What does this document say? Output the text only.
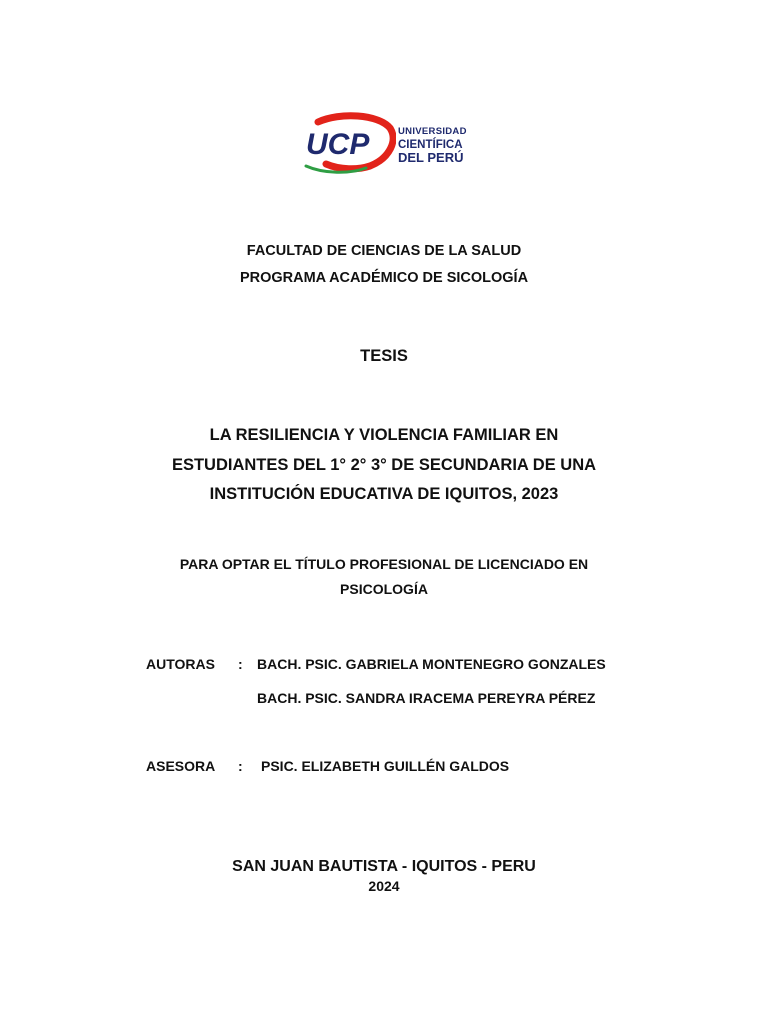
UCP	UNIVERSIDAD
CIENTÍFICA
DEL PERÚ
FACULTAD DE CIENCIAS DE LA SALUD
PROGRAMA ACADÉMICO DE SICOLOGÍA
TESIS
LA RESILIENCIA Y VIOLENCIA FAMILIAR EN
ESTUDIANTES DEL 1° 2° 3° DE SECUNDARIA DE UNA
INSTITUCIÓN EDUCATIVA DE IQUITOS, 2023
PARA OPTAR EL TÍTULO PROFESIONAL DE LICENCIADO EN
PSICOLOGÍA
AUTORAS : BACH. PSIC. GABRIELA MONTENEGRO GONZALES
BACH. PSIC. SANDRA IRACEMA PEREYRA PÉREZ
ASESORA : PSIC. ELIZABETH GUILLÉN GALDOS
SAN JUAN BAUTISTA - IQUITOS - PERU
2024
